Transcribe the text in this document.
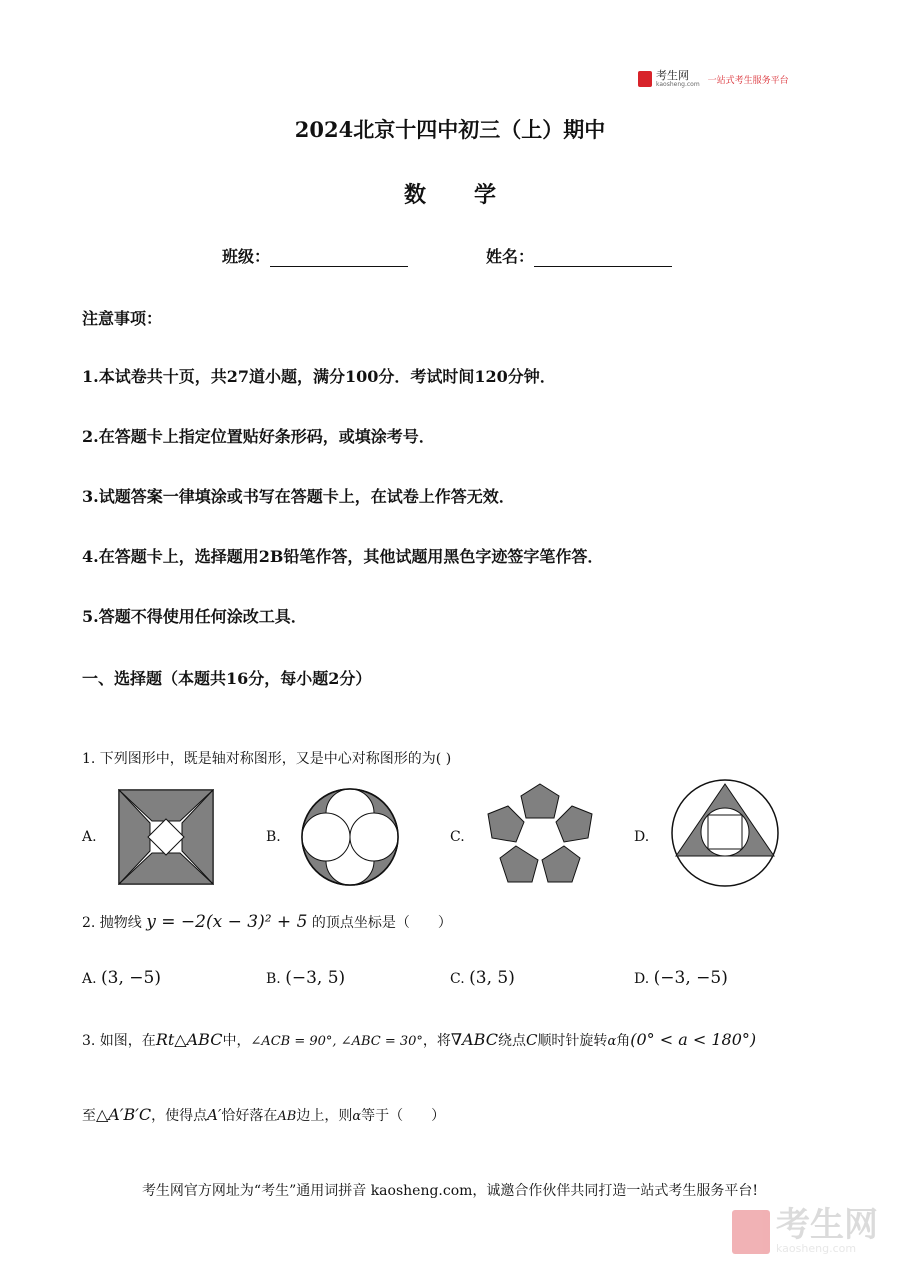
考生网
kaosheng.com 一站式考生服务平台
2024北京十四中初三（上）期中
数学
班级：	姓名：
注意事项：
1.本试卷共十页，共27道小题，满分100分．考试时间120分钟．
2.在答题卡上指定位置贴好条形码，或填涂考号．
3.试题答案一律填涂或书写在答题卡上，在试卷上作答无效．
4.在答题卡上，选择题用2B铅笔作答，其他试题用黑色字迹签字笔作答．
5.答题不得使用任何涂改工具．
一、选择题（本题共16分，每小题2分）
1. 下列图形中，既是轴对称图形，又是中心对称图形的为( )
A.	B.	C.	D.
2. 抛物线 y = −2(x − 3)² + 5 的顶点坐标是（　　）
A. (3, −5)	B. (−3, 5)	C. (3, 5)	D. (−3, −5)
3. 如图，在Rt△ABC中，∠ACB = 90°, ∠ABC = 30°，将∇ABC绕点C顺时针旋转α角(0° < a < 180°)
至△A′B′C，使得点A′恰好落在AB边上，则α等于（　　）
考生网官方网址为“考生”通用词拼音 kaosheng.com，诚邀合作伙伴共同打造一站式考生服务平台!
考生网
kaosheng.com
